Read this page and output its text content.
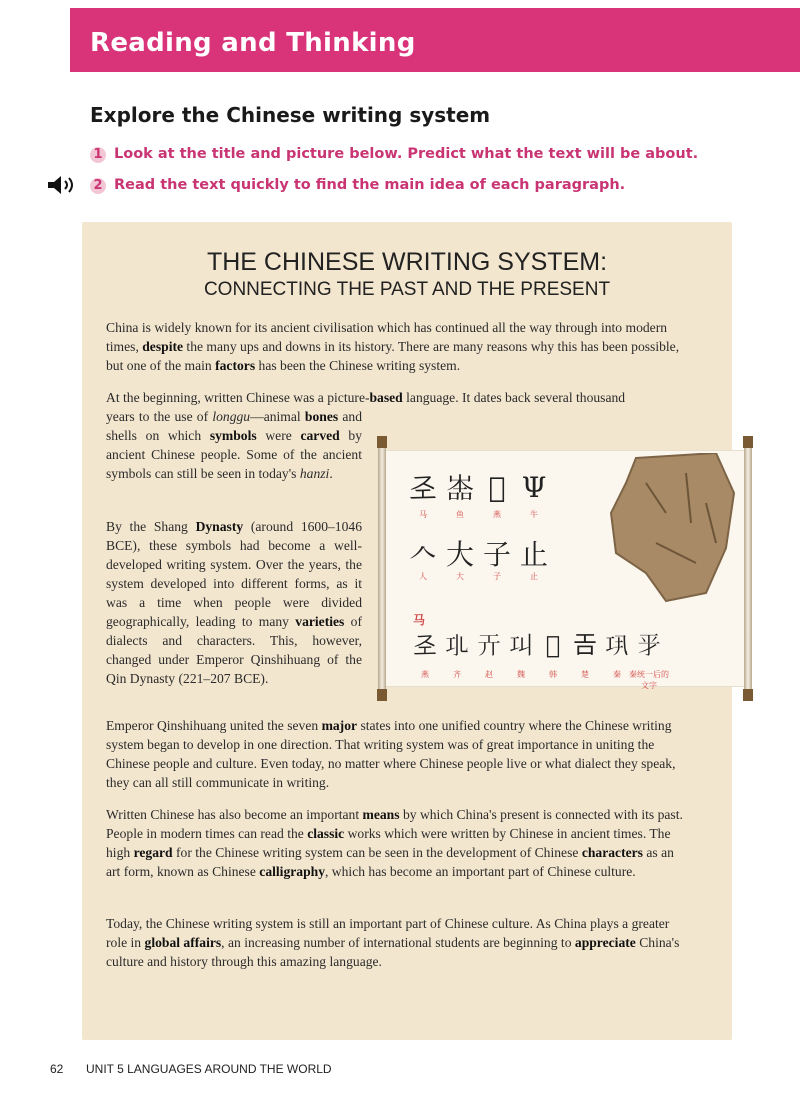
Reading and Thinking
Explore the Chinese writing system
1 Look at the title and picture below. Predict what the text will be about.
2 Read the text quickly to find the main idea of each paragraph.
THE CHINESE WRITING SYSTEM:
CONNECTING THE PAST AND THE PRESENT

China is widely known for its ancient civilisation which has continued all the way through into modern times, despite the many ups and downs in its history. There are many reasons why this has been possible, but one of the main factors has been the Chinese writing system.

At the beginning, written Chinese was a picture-based language. It dates back several thousand

years to the use of longgu—animal bones and shells on which symbols were carved by ancient Chinese people. Some of the ancient symbols can still be seen in today's hanzi.

By the Shang Dynasty (around 1600–1046 BCE), these symbols had become a well-developed writing system. Over the years, the system developed into different forms, as it was a time when people were divided geographically, leading to many varieties of dialects and characters. This, however, changed under Emperor Qinshihuang of the Qin Dynasty (221–207 BCE).

Emperor Qinshihuang united the seven major states into one unified country where the Chinese writing system began to develop in one direction. That writing system was of great importance in uniting the Chinese people and culture. Even today, no matter where Chinese people live or what dialect they speak, they can all still communicate in writing.

Written Chinese has also become an important means by which China's present is connected with its past. People in modern times can read the classic works which were written by Chinese in ancient times. The high regard for the Chinese writing system can be seen in the development of Chinese characters as an art form, known as Chinese calligraphy, which has become an important part of Chinese culture.

Today, the Chinese writing system is still an important part of Chinese culture. As China plays a greater role in global affairs, an increasing number of international students are beginning to appreciate China's culture and history through this amazing language.

𢀖
马
𡴡
鱼
𢅷
燕
Ψ
牛
𠆢
人
大
大
子
子
止
止
马
𢀖
燕
𢀗
齐
𢀘
赵
𢀙
魏
𢀚
韩
𢀛
楚
𢀜
秦
𢀝
秦统一后的文字
62 UNIT 5 LANGUAGES AROUND THE WORLD
